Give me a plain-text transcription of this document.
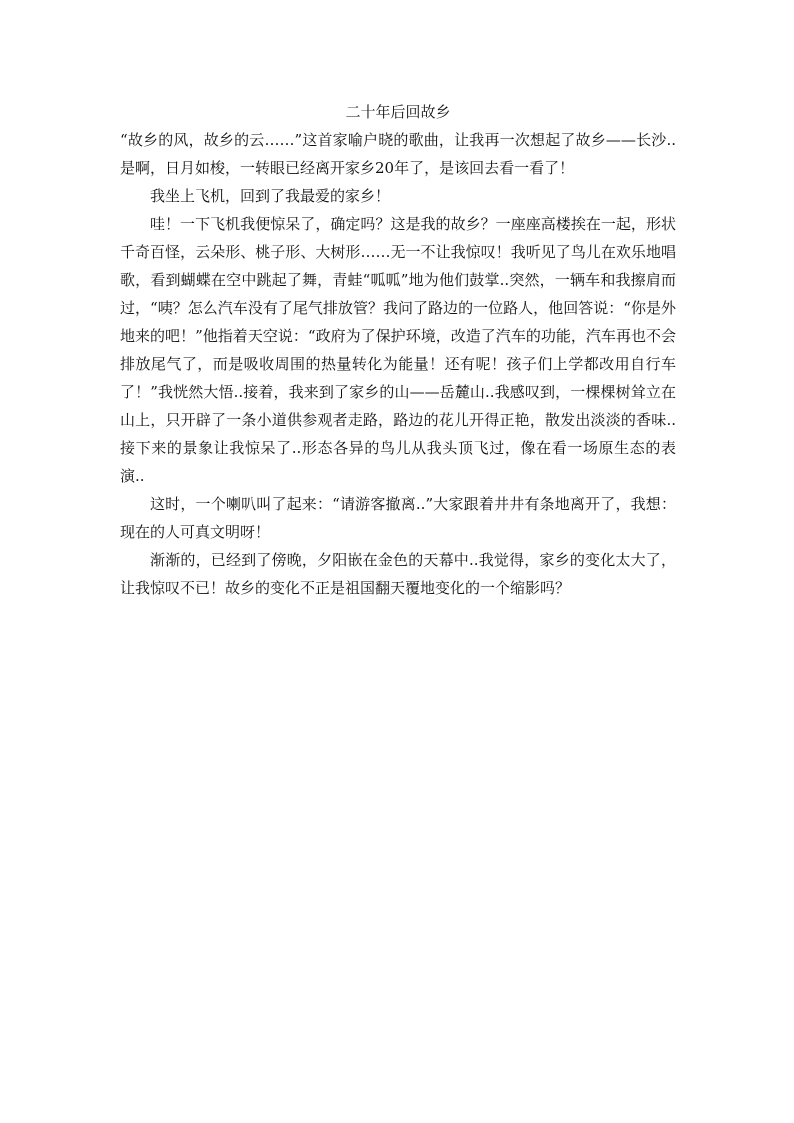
二十年后回故乡

“故乡的风，故乡的云……”这首家喻户晓的歌曲，让我再一次想起了故乡——长沙..是啊，日月如梭，一转眼已经离开家乡20年了，是该回去看一看了！

我坐上飞机，回到了我最爱的家乡！

哇！一下飞机我便惊呆了，确定吗？这是我的故乡？一座座高楼挨在一起，形状千奇百怪，云朵形、桃子形、大树形……无一不让我惊叹！我听见了鸟儿在欢乐地唱歌，看到蝴蝶在空中跳起了舞，青蛙“呱呱”地为他们鼓掌..突然，一辆车和我擦肩而过，“咦？怎么汽车没有了尾气排放管？我问了路边的一位路人，他回答说：“你是外地来的吧！”他指着天空说：“政府为了保护环境，改造了汽车的功能，汽车再也不会排放尾气了，而是吸收周围的热量转化为能量！还有呢！孩子们上学都改用自行车了！”我恍然大悟..接着，我来到了家乡的山——岳麓山..我感叹到，一棵棵树耸立在山上，只开辟了一条小道供参观者走路，路边的花儿开得正艳，散发出淡淡的香味..接下来的景象让我惊呆了..形态各异的鸟儿从我头顶飞过，像在看一场原生态的表演..

这时，一个喇叭叫了起来：“请游客撤离..”大家跟着井井有条地离开了，我想：现在的人可真文明呀！

渐渐的，已经到了傍晚，夕阳嵌在金色的天幕中..我觉得，家乡的变化太大了，让我惊叹不已！故乡的变化不正是祖国翻天覆地变化的一个缩影吗？
